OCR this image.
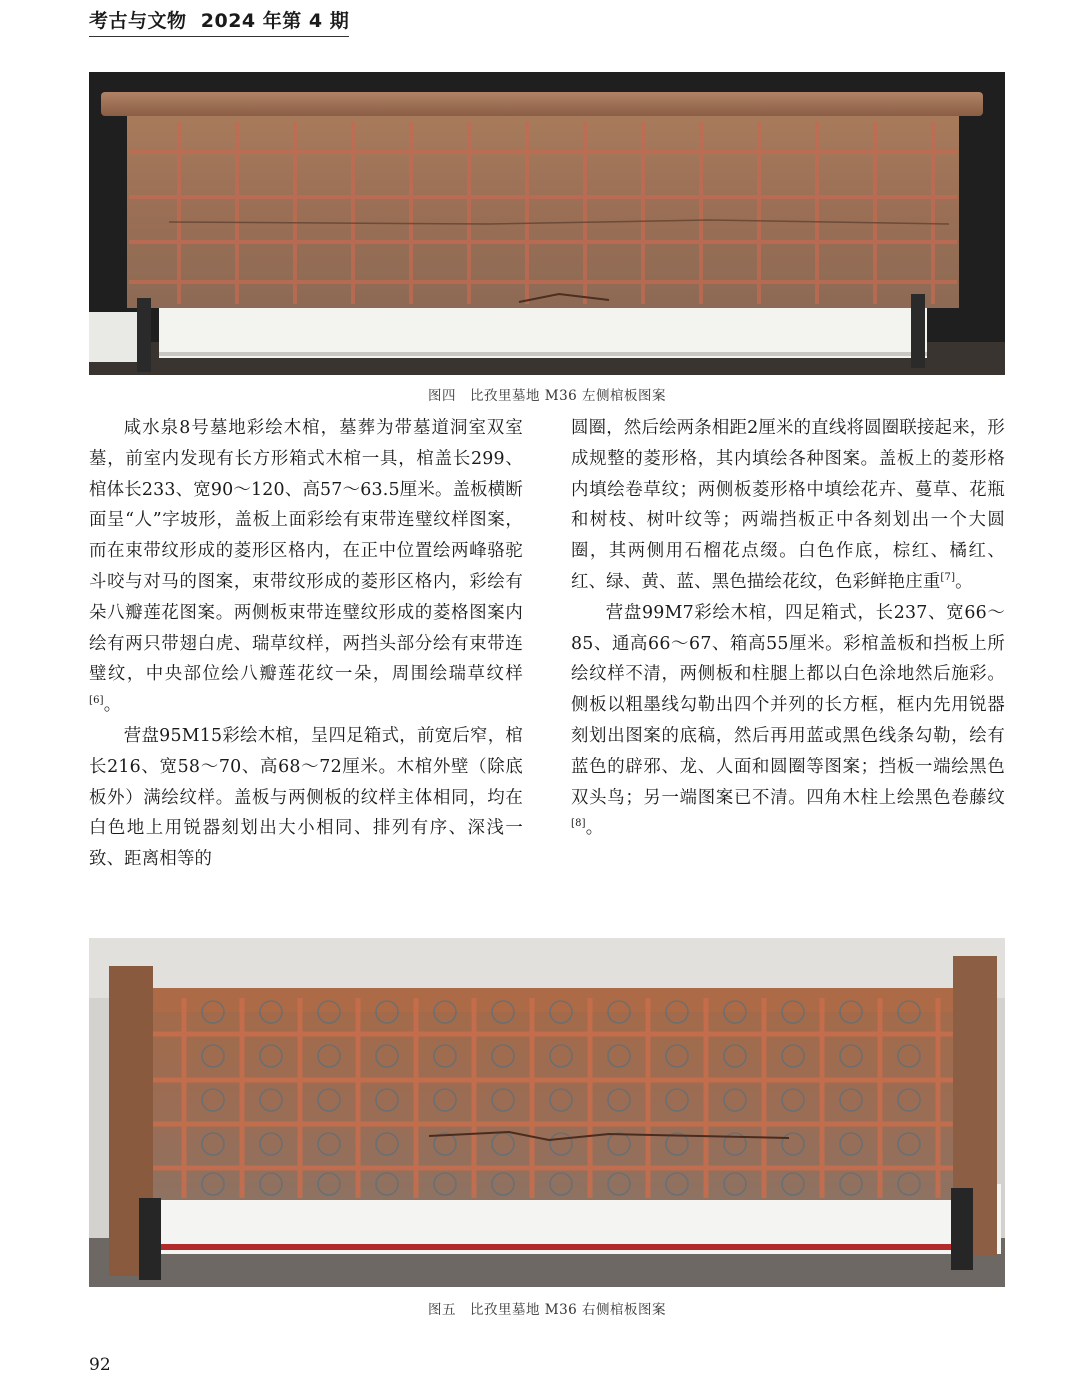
考古与文物 2024 年第 4 期
图四　比孜里墓地 M36 左侧棺板图案

咸水泉8号墓地彩绘木棺，墓葬为带墓道洞室双室墓，前室内发现有长方形箱式木棺一具，棺盖长299、棺体长233、宽90～120、高57～63.5厘米。盖板横断面呈“人”字坡形，盖板上面彩绘有束带连璧纹样图案，而在束带纹形成的菱形区格内，在正中位置绘两峰骆驼斗咬与对马的图案，束带纹形成的菱形区格内，彩绘有朵八瓣莲花图案。两侧板束带连璧纹形成的菱格图案内绘有两只带翅白虎、瑞草纹样，两挡头部分绘有束带连璧纹，中央部位绘八瓣莲花纹一朵，周围绘瑞草纹样[6]。

营盘95M15彩绘木棺，呈四足箱式，前宽后窄，棺长216、宽58～70、高68～72厘米。木棺外壁（除底板外）满绘纹样。盖板与两侧板的纹样主体相同，均在白色地上用锐器刻划出大小相同、排列有序、深浅一致、距离相等的

圆圈，然后绘两条相距2厘米的直线将圆圈联接起来，形成规整的菱形格，其内填绘各种图案。盖板上的菱形格内填绘卷草纹；两侧板菱形格中填绘花卉、蔓草、花瓶和树枝、树叶纹等；两端挡板正中各刻划出一个大圆圈，其两侧用石榴花点缀。白色作底，棕红、橘红、红、绿、黄、蓝、黑色描绘花纹，色彩鲜艳庄重[7]。

营盘99M7彩绘木棺，四足箱式，长237、宽66～85、通高66～67、箱高55厘米。彩棺盖板和挡板上所绘纹样不清，两侧板和柱腿上都以白色涂地然后施彩。侧板以粗墨线勾勒出四个并列的长方框，框内先用锐器刻划出图案的底稿，然后再用蓝或黑色线条勾勒，绘有蓝色的辟邪、龙、人面和圆圈等图案；挡板一端绘黑色双头鸟；另一端图案已不清。四角木柱上绘黑色卷藤纹[8]。

图五　比孜里墓地 M36 右侧棺板图案
92
